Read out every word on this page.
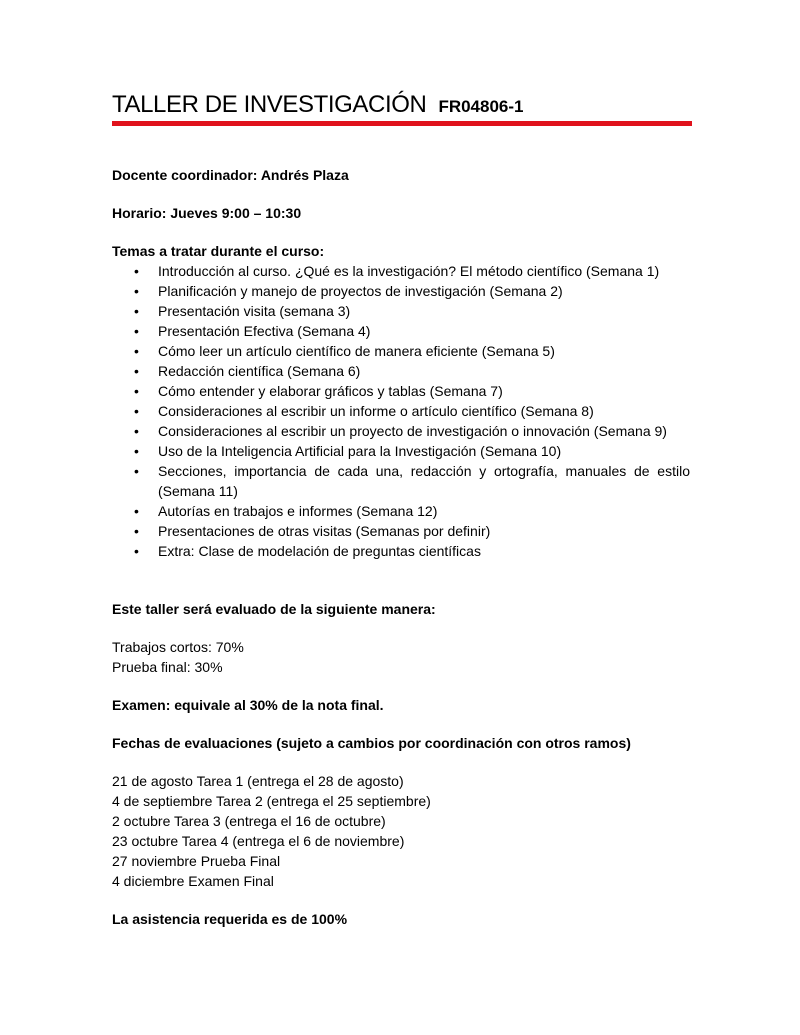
TALLER DE INVESTIGACIÓN FR04806-1

Docente coordinador: Andrés Plaza

Horario: Jueves 9:00 – 10:30

Temas a tratar durante el curso:

• Introducción al curso. ¿Qué es la investigación? El método científico (Semana 1)
• Planificación y manejo de proyectos de investigación (Semana 2)
• Presentación visita (semana 3)
• Presentación Efectiva (Semana 4)
• Cómo leer un artículo científico de manera eficiente (Semana 5)
• Redacción científica (Semana 6)
• Cómo entender y elaborar gráficos y tablas (Semana 7)
• Consideraciones al escribir un informe o artículo científico (Semana 8)
• Consideraciones al escribir un proyecto de investigación o innovación (Semana 9)
• Uso de la Inteligencia Artificial para la Investigación (Semana 10)
• Secciones, importancia de cada una, redacción y ortografía, manuales de estilo (Semana 11)
• Autorías en trabajos e informes (Semana 12)
• Presentaciones de otras visitas (Semanas por definir)
• Extra: Clase de modelación de preguntas científicas

Este taller será evaluado de la siguiente manera:

Trabajos cortos: 70%

Prueba final: 30%

Examen: equivale al 30% de la nota final.

Fechas de evaluaciones (sujeto a cambios por coordinación con otros ramos)

21 de agosto Tarea 1 (entrega el 28 de agosto)

4 de septiembre Tarea 2 (entrega el 25 septiembre)

2 octubre Tarea 3 (entrega el 16 de octubre)

23 octubre Tarea 4 (entrega el 6 de noviembre)

27 noviembre Prueba Final

4 diciembre Examen Final

La asistencia requerida es de 100%
